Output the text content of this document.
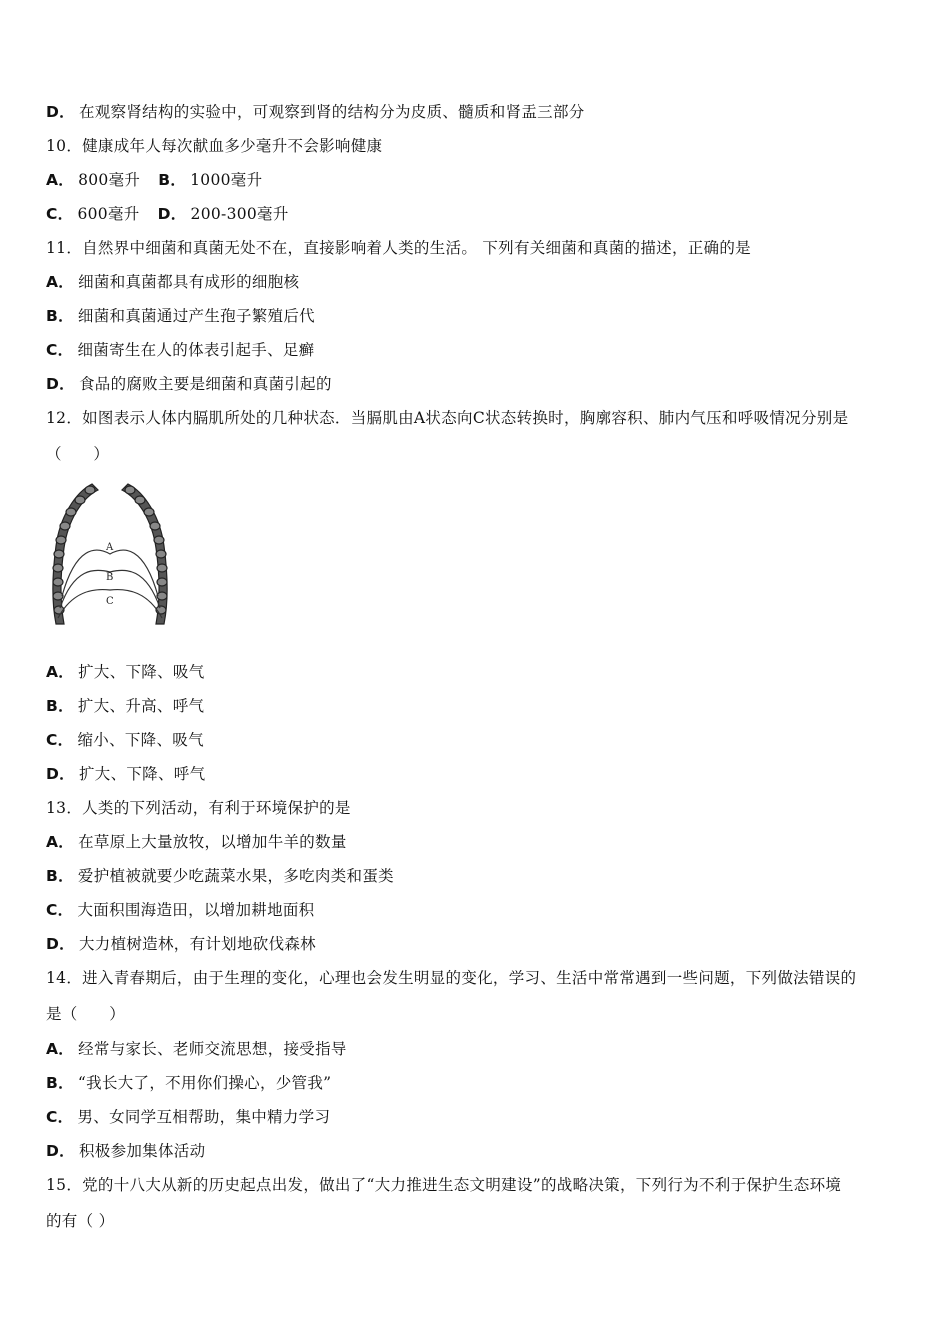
D． 在观察肾结构的实验中，可观察到肾的结构分为皮质、髓质和肾盂三部分
10．健康成年人每次献血多少毫升不会影响健康
A． 800毫升 B． 1000毫升
C． 600毫升 D． 200-300毫升
11．自然界中细菌和真菌无处不在，直接影响着人类的生活。 下列有关细菌和真菌的描述，正确的是
A． 细菌和真菌都具有成形的细胞核
B． 细菌和真菌通过产生孢子繁殖后代
C． 细菌寄生在人的体表引起手、足癣
D． 食品的腐败主要是细菌和真菌引起的
12．如图表示人体内膈肌所处的几种状态．当膈肌由A状态向C状态转换时，胸廓容积、肺内气压和呼吸情况分别是
（　　）
A
B
C
A． 扩大、下降、吸气
B． 扩大、升高、呼气
C． 缩小、下降、吸气
D． 扩大、下降、呼气
13．人类的下列活动，有利于环境保护的是
A． 在草原上大量放牧，以增加牛羊的数量
B． 爱护植被就要少吃蔬菜水果，多吃肉类和蛋类
C． 大面积围海造田，以增加耕地面积
D． 大力植树造林，有计划地砍伐森林
14．进入青春期后，由于生理的变化，心理也会发生明显的变化，学习、生活中常常遇到一些问题，下列做法错误的
是（　　）
A． 经常与家长、老师交流思想，接受指导
B． “我长大了，不用你们操心，少管我”
C． 男、女同学互相帮助，集中精力学习
D． 积极参加集体活动
15．党的十八大从新的历史起点出发，做出了“大力推进生态文明建设”的战略决策，下列行为不利于保护生态环境
的有（ ）
